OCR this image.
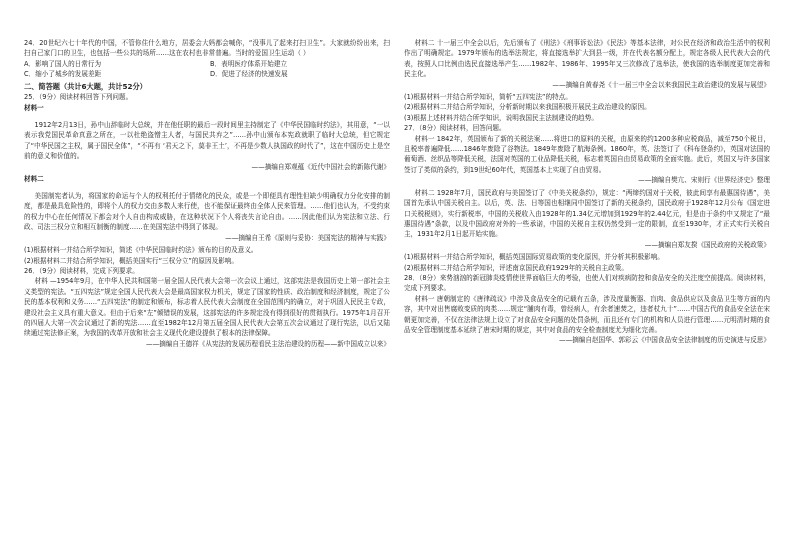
24．20世纪六七十年代的中国，不管你住什么地方，居委会大妈都会喊你，“没事儿了起来打扫卫生”。大家就纷纷出来，扫扫自己家门口的卫生，也包括一些公共的场所……这在农村也非常普遍。当时的爱国卫生运动（ ）

A．影响了国人的日常行为	B．表明医疗体系开始建立
C．缩小了城乡的发展差距	D．促进了经济的快速发展

二、简答题（共计6大题，共计52分）

25．（9分）阅读材料回答下列问题。

材料一

1912年2月13日，孙中山辞临时大总统，并在他任职的最后一段时间里主持制定了《中华民国临时约法》，其用意，“一以表示我党国民革命真意之所在，一以杜绝盗憎主人者，与国民共弃之”……孙中山颁布本宪政就职了临时大总统，但它规定了“中华民国之主权，属于国民全体”，“不再有 ‘君天之下，莫非王土’，不再是少数人执国政的时代了”，这在中国历史上是空前的意义和价值的。

——摘编自郑观蕴《近代中国社会的新陈代谢》

材料二

美国制宪者认为，将国家的命运与个人的权利托付于情绪化的民众，或是一个即便具有理性但缺少明确权力分化安排的制度，都是最具危险性的，即将个人的权力交由多数人来行使，也不能保证最终由全体人民来管理。……他们也认为，不受约束的权力中心在任何情况下都会对个人自由构成威胁，在这种状况下个人将丧失言论自由。……因此他们认为宪法和立法、行政、司法三权分立和相互制衡的制度……在美国宪法中得到了体现。

——摘编自王希《原则与妥协：美国宪法的精神与实践》

(1)根据材料一并结合所学知识，简述《中华民国临时约法》颁布的目的及意义。

(2)根据材料二并结合所学知识，概括美国实行“三权分立”的原因及影响。

26．（9分）阅读材料，完成下列要求。

材料 —1954年9月，在中华人民共和国第一届全国人民代表大会第一次会议上通过，这部宪法是我国历史上第一部社会主义类型的宪法。“五四宪法”规定全国人民代表大会是最高国家权力机关，规定了国家的性质、政治制度和经济制度，规定了公民的基本权利和义务……“五四宪法”的制定和颁布，标志着人民代表大会制度在全国范围内的确立，对于巩固人民民主专政，建设社会主义具有重大意义。但由于后来“左”倾错误的发展，这部宪法的许多规定没有得到很好的贯彻执行。1975年1月召开的四届人大第一次会议通过了新的宪法……直至1982年12月第五届全国人民代表大会第五次会议通过了现行宪法，以后又陆续通过宪法修正案，为我国的改革开放和社会主义现代化建设提供了根本的法律保障。

——摘编自王德祥《从宪法的发展历程看民主法治建设的历程——新中国成立以来》

材料二 十一届三中全会以后，先后颁布了《刑法》《刑事诉讼法》《民法》等基本法律，对公民在经济和政治生活中的权利作出了明确规定。1979年颁布的选举法规定，将直接选举扩大到县一级，并在代表名额分配上，规定各级人民代表大会的代表，按照人口比例由选民直接选举产生……1982年、1986年、1995年又三次修改了选举法，使我国的选举制度更加完善和民主化。

——摘编自黄春尧《十一届三中全会以来我国民主政治建设的发展与展望》

(1)根据材料一并结合所学知识，简析“五四宪法”的特点。

(2)根据材料二并结合所学知识，分析新时期以来我国积极开展民主政治建设的原因。

(3)根据上述材料并结合所学知识，说明我国民主法制建设的趋势。

27．（8分）阅读材料，回答问题。

材料一 1842年，英国颁布了新的关税法案……将进口的原料的关税，由原来的约1200多种应税商品，减至750个税目，且税率普遍降低……1846年废除了谷物法。1849年废除了航海条例。1860年，英、法签订了《科布登条约》，英国对法国的葡萄酒、丝织品等降低关税，法国对英国的工业品降低关税，标志着英国自由贸易政策的全面实施。此后，英国又与许多国家签订了类似的条约，到19世纪60年代，英国基本上实现了自由贸易。

——摘编自樊亢、宋则行《世界经济史》整理

材料二 1928年7月，国民政府与美国签订了《中美关税条约》，规定：“两缔约国对于关税，彼此间享有最惠国待遇”，美国首先承认中国关税自主。以后，英、法、日等国也相继同中国签订了新的关税条约，国民政府于1928年12月公布《国定进口关税税则》，实行新税率，中国的关税收入由1928年的1.34亿元增加到1929年的2.44亿元，但是由于条约中又规定了“最惠国待遇”条款，以及中国政府对外的一些承诺，中国的关税自主权仍然受到一定的限制，直至1930年，才正式实行关税自主，1931年2月1日起开始实施。

——摘编自郑友揆《国民政府的关税政策》

(1)根据材料一并结合所学知识，概括英国国际贸易政策的变化原因，并分析其积极影响。

(2)根据材料二并结合所学知识，评述南京国民政府1929年的关税自主政策。

28．（8分）来势汹汹的新冠肺炎疫情使世界面临巨大的考验，也使人们对疾病防控和食品安全的关注度空前提高。阅读材料，完成下列要求。

材料一 唐朝制定的《唐律疏议》中涉及食品安全的记载有五条，涉及度量衡器、盲肉、食品供应以及食品卫生等方面的内容，其中对出售腐败变质的肉类……规定“脯肉有毒，曾经病人，有余者速焚之，违者杖九十”……中国古代的食品安全法在宋朝更加完善，不仅在法律法规上设立了对食品安全问题的处罚条例，而且还有专门的机构和人员进行管理……元明清时期的食品安全管理制度基本延续了唐宋时期的规定，其中对食品的安全检查制度尤为细化完善。

——摘编自赵国华、郭彩云《中国食品安全法律制度的历史演进与反思》
